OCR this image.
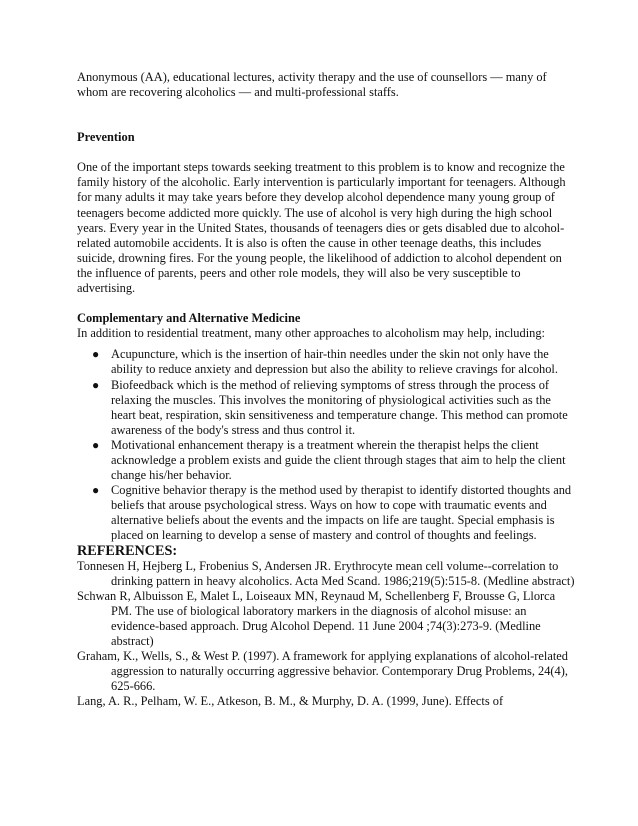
Anonymous (AA), educational lectures, activity therapy and the use of counsellors — many of whom are recovering alcoholics — and multi-professional staffs.

Prevention

One of the important steps towards seeking treatment to this problem is to know and recognize the family history of the alcoholic. Early intervention is particularly important for teenagers. Although for many adults it may take years before they develop alcohol dependence many young group of teenagers become addicted more quickly. The use of alcohol is very high during the high school years. Every year in the United States, thousands of teenagers dies or gets disabled due to alcohol-related automobile accidents. It is also is often the cause in other teenage deaths, this includes suicide, drowning fires. For the young people, the likelihood of addiction to alcohol dependent on the influence of parents, peers and other role models, they will also be very susceptible to advertising.

Complementary and Alternative Medicine

In addition to residential treatment, many other approaches to alcoholism may help, including:

● Acupuncture, which is the insertion of hair-thin needles under the skin not only have the ability to reduce anxiety and depression but also the ability to relieve cravings for alcohol.
● Biofeedback which is the method of relieving symptoms of stress through the process of relaxing the muscles. This involves the monitoring of physiological activities such as the heart beat, respiration, skin sensitiveness and temperature change. This method can promote awareness of the body's stress and thus control it.
● Motivational enhancement therapy is a treatment wherein the therapist helps the client acknowledge a problem exists and guide the client through stages that aim to help the client change his/her behavior.
● Cognitive behavior therapy is the method used by therapist to identify distorted thoughts and beliefs that arouse psychological stress. Ways on how to cope with traumatic events and alternative beliefs about the events and the impacts on life are taught. Special emphasis is placed on learning to develop a sense of mastery and control of thoughts and feelings.
REFERENCES:

Tonnesen H, Hejberg L, Frobenius S, Andersen JR. Erythrocyte mean cell volume--correlation to drinking pattern in heavy alcoholics. Acta Med Scand. 1986;219(5):515-8. (Medline abstract)

Schwan R, Albuisson E, Malet L, Loiseaux MN, Reynaud M, Schellenberg F, Brousse G, Llorca PM. The use of biological laboratory markers in the diagnosis of alcohol misuse: an evidence-based approach. Drug Alcohol Depend. 11 June 2004 ;74(3):273-9. (Medline abstract)

Graham, K., Wells, S., & West P. (1997). A framework for applying explanations of alcohol-related aggression to naturally occurring aggressive behavior. Contemporary Drug Problems, 24(4), 625-666.

Lang, A. R., Pelham, W. E., Atkeson, B. M., & Murphy, D. A. (1999, June). Effects of
